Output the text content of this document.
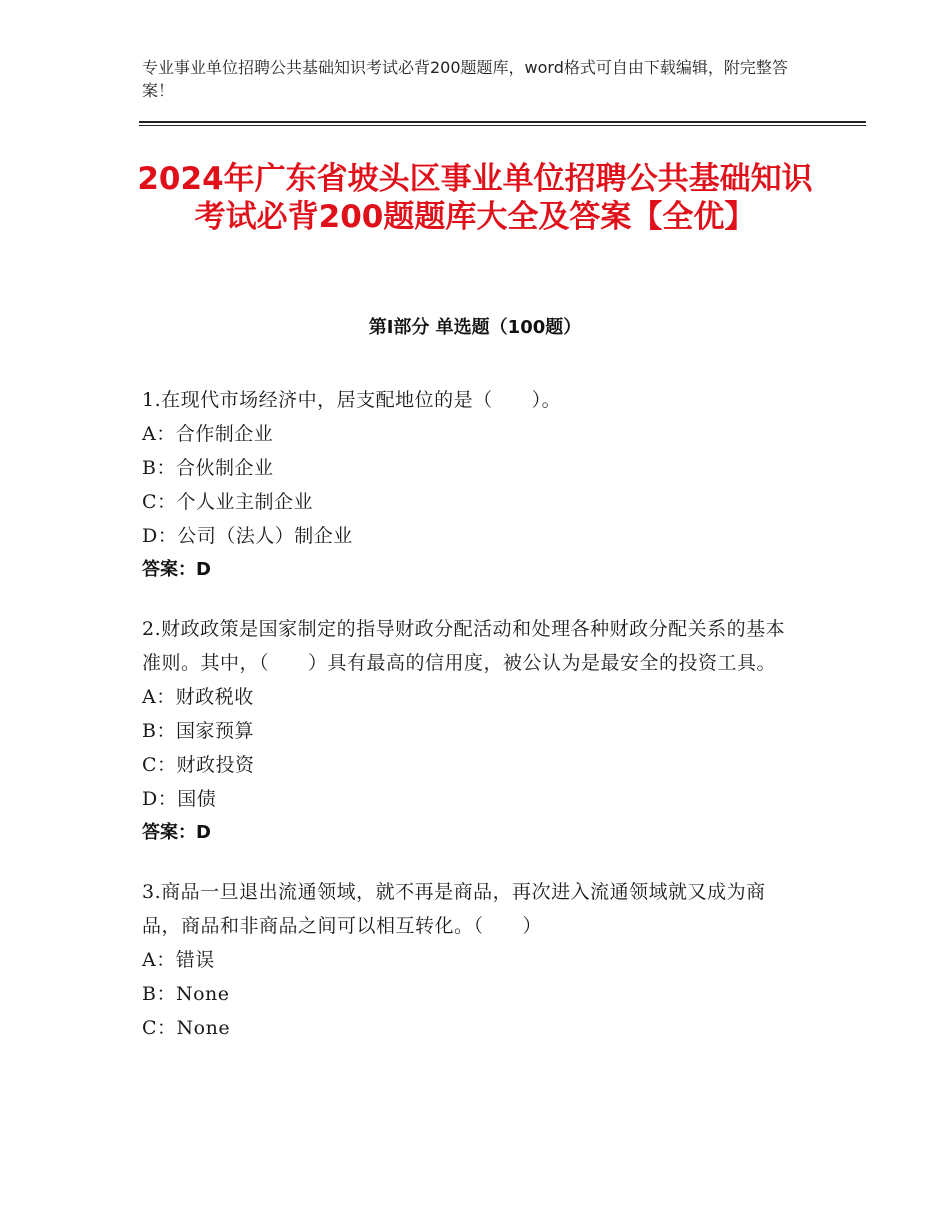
专业事业单位招聘公共基础知识考试必背200题题库，word格式可自由下载编辑，附完整答案！
2024年广东省坡头区事业单位招聘公共基础知识考试必背200题题库大全及答案【全优】
第Ⅰ部分 单选题（100题）
1.在现代市场经济中，居支配地位的是（　　）。
A：合作制企业
B：合伙制企业
C：个人业主制企业
D：公司（法人）制企业
答案：D
2.财政政策是国家制定的指导财政分配活动和处理各种财政分配关系的基本准则。其中，（　　）具有最高的信用度，被公认为是最安全的投资工具。
A：财政税收
B：国家预算
C：财政投资
D：国债
答案：D
3.商品一旦退出流通领域，就不再是商品，再次进入流通领域就又成为商品，商品和非商品之间可以相互转化。（　　）
A：错误
B：None
C：None
